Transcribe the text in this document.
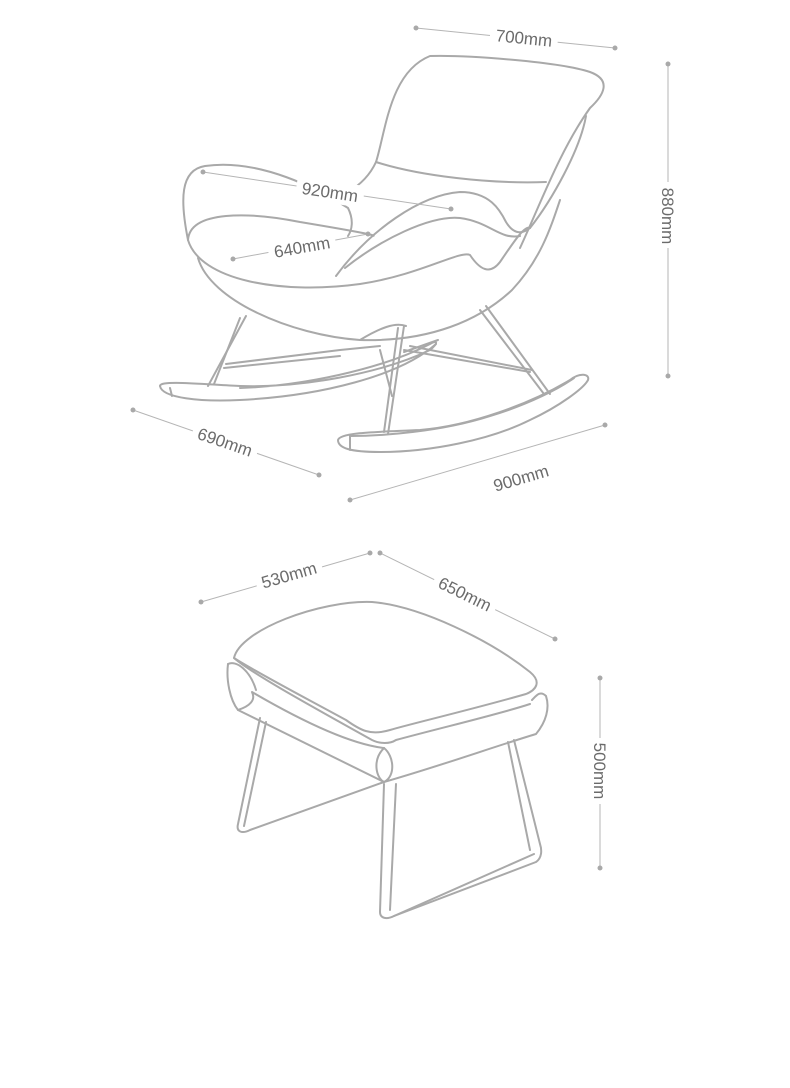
700mm
880mm
920mm
640mm
690mm
900mm
530mm	650mm
500mm
